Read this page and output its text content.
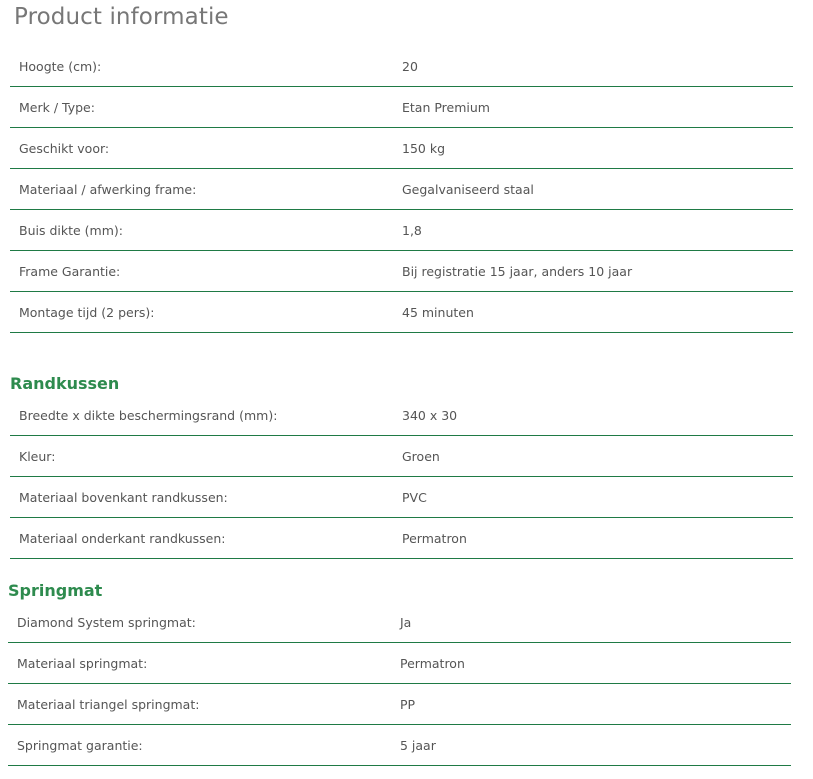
Product informatie
Hoogte (cm):	20
Merk / Type:	Etan Premium
Geschikt voor:	150 kg
Materiaal / afwerking frame:	Gegalvaniseerd staal
Buis dikte (mm):	1,8
Frame Garantie:	Bij registratie 15 jaar, anders 10 jaar
Montage tijd (2 pers):	45 minuten
Randkussen
Breedte x dikte beschermingsrand (mm):	340 x 30
Kleur:	Groen
Materiaal bovenkant randkussen:	PVC
Materiaal onderkant randkussen:	Permatron
Springmat
Diamond System springmat:	Ja
Materiaal springmat:	Permatron
Materiaal triangel springmat:	PP
Springmat garantie:	5 jaar
